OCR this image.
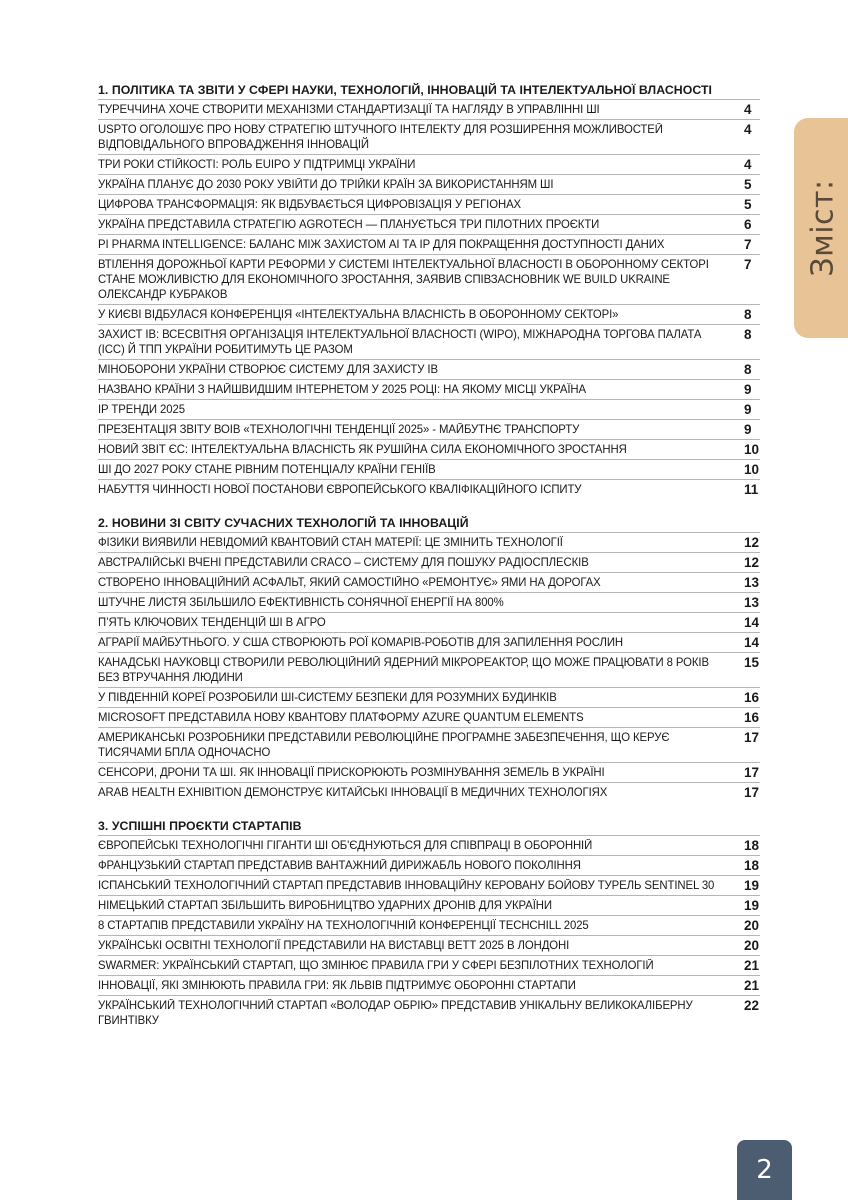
1. ПОЛІТИКА ТА ЗВІТИ У СФЕРІ НАУКИ, ТЕХНОЛОГІЙ, ІННОВАЦІЙ ТА ІНТЕЛЕКТУАЛЬНОЇ ВЛАСНОСТІ
ТУРЕЧЧИНА ХОЧЕ СТВОРИТИ МЕХАНІЗМИ СТАНДАРТИЗАЦІЇ ТА НАГЛЯДУ В УПРАВЛІННІ ШІ	4
USPTO ОГОЛОШУЄ ПРО НОВУ СТРАТЕГІЮ ШТУЧНОГО ІНТЕЛЕКТУ ДЛЯ РОЗШИРЕННЯ МОЖЛИВОСТЕЙ ВІДПОВІДАЛЬНОГО ВПРОВАДЖЕННЯ ІННОВАЦІЙ
4
ТРИ РОКИ СТІЙКОСТІ: РОЛЬ EUIPO У ПІДТРИМЦІ УКРАЇНИ	4
УКРАЇНА ПЛАНУЄ ДО 2030 РОКУ УВІЙТИ ДО ТРІЙКИ КРАЇН ЗА ВИКОРИСТАННЯМ ШІ	5
ЦИФРОВА ТРАНСФОРМАЦІЯ: ЯК ВІДБУВАЄТЬСЯ ЦИФРОВІЗАЦІЯ У РЕГІОНАХ	5
УКРАЇНА ПРЕДСТАВИЛА СТРАТЕГІЮ AGROTECH — ПЛАНУЄТЬСЯ ТРИ ПІЛОТНИХ ПРОЄКТИ	6
PI PHARMA INTELLIGENCE: БАЛАНС МІЖ ЗАХИСТОМ AI ТА IP ДЛЯ ПОКРАЩЕННЯ ДОСТУПНОСТІ ДАНИХ	7
ВТІЛЕННЯ ДОРОЖНЬОЇ КАРТИ РЕФОРМИ У СИСТЕМІ ІНТЕЛЕКТУАЛЬНОЇ ВЛАСНОСТІ В ОБОРОННОМУ СЕКТОРІ СТАНЕ МОЖЛИВІСТЮ ДЛЯ ЕКОНОМІЧНОГО ЗРОСТАННЯ, ЗАЯВИВ СПІВЗАСНОВНИК WE BUILD UKRAINE ОЛЕКСАНДР КУБРАКОВ
7
У КИЄВІ ВІДБУЛАСЯ КОНФЕРЕНЦІЯ «ІНТЕЛЕКТУАЛЬНА ВЛАСНІСТЬ В ОБОРОННОМУ СЕКТОРІ»	8
ЗАХИСТ ІВ: ВСЕСВІТНЯ ОРГАНІЗАЦІЯ ІНТЕЛЕКТУАЛЬНОЇ ВЛАСНОСТІ (WIPO), МІЖНАРОДНА ТОРГОВА ПАЛАТА (ICC) Й ТПП УКРАЇНИ РОБИТИМУТЬ ЦЕ РАЗОМ
8
МІНОБОРОНИ УКРАЇНИ СТВОРЮЄ СИСТЕМУ ДЛЯ ЗАХИСТУ ІВ	8
НАЗВАНО КРАЇНИ З НАЙШВИДШИМ ІНТЕРНЕТОМ У 2025 РОЦІ: НА ЯКОМУ МІСЦІ УКРАЇНА	9
IP ТРЕНДИ 2025	9
ПРЕЗЕНТАЦІЯ ЗВІТУ ВОІВ «ТЕХНОЛОГІЧНІ ТЕНДЕНЦІЇ 2025» - МАЙБУТНЄ ТРАНСПОРТУ	9
НОВИЙ ЗВІТ ЄС: ІНТЕЛЕКТУАЛЬНА ВЛАСНІСТЬ ЯК РУШІЙНА СИЛА ЕКОНОМІЧНОГО ЗРОСТАННЯ	10
ШІ ДО 2027 РОКУ СТАНЕ РІВНИМ ПОТЕНЦІАЛУ КРАЇНИ ГЕНІЇВ	10
НАБУТТЯ ЧИННОСТІ НОВОЇ ПОСТАНОВИ ЄВРОПЕЙСЬКОГО КВАЛІФІКАЦІЙНОГО ІСПИТУ	11
2. НОВИНИ ЗІ СВІТУ СУЧАСНИХ ТЕХНОЛОГІЙ ТА ІННОВАЦІЙ
ФІЗИКИ ВИЯВИЛИ НЕВІДОМИЙ КВАНТОВИЙ СТАН МАТЕРІЇ: ЦЕ ЗМІНИТЬ ТЕХНОЛОГІЇ	12
АВСТРАЛІЙСЬКІ ВЧЕНІ ПРЕДСТАВИЛИ CRACO – СИСТЕМУ ДЛЯ ПОШУКУ РАДІОСПЛЕСКІВ	12
СТВОРЕНО ІННОВАЦІЙНИЙ АСФАЛЬТ, ЯКИЙ САМОСТІЙНО «РЕМОНТУЄ» ЯМИ НА ДОРОГАХ	13
ШТУЧНЕ ЛИСТЯ ЗБІЛЬШИЛО ЕФЕКТИВНІСТЬ СОНЯЧНОЇ ЕНЕРГІЇ НА 800%	13
П’ЯТЬ КЛЮЧОВИХ ТЕНДЕНЦІЙ ШІ В АГРО	14
АГРАРІЇ МАЙБУТНЬОГО. У США СТВОРЮЮТЬ РОЇ КОМАРІВ-РОБОТІВ ДЛЯ ЗАПИЛЕННЯ РОСЛИН	14
КАНАДСЬКІ НАУКОВЦІ СТВОРИЛИ РЕВОЛЮЦІЙНИЙ ЯДЕРНИЙ МІКРОРЕАКТОР, ЩО МОЖЕ ПРАЦЮВАТИ 8 РОКІВ БЕЗ ВТРУЧАННЯ ЛЮДИНИ
15
У ПІВДЕННІЙ КОРЕЇ РОЗРОБИЛИ ШІ-СИСТЕМУ БЕЗПЕКИ ДЛЯ РОЗУМНИХ БУДИНКІВ	16
MICROSOFT ПРЕДСТАВИЛА НОВУ КВАНТОВУ ПЛАТФОРМУ AZURE QUANTUM ELEMENTS	16
АМЕРИКАНСЬКІ РОЗРОБНИКИ ПРЕДСТАВИЛИ РЕВОЛЮЦІЙНЕ ПРОГРАМНЕ ЗАБЕЗПЕЧЕННЯ, ЩО КЕРУЄ ТИСЯЧАМИ БПЛА ОДНОЧАСНО
17
СЕНСОРИ, ДРОНИ ТА ШІ. ЯК ІННОВАЦІЇ ПРИСКОРЮЮТЬ РОЗМІНУВАННЯ ЗЕМЕЛЬ В УКРАЇНІ	17
ARAB HEALTH EXHIBITION ДЕМОНСТРУЄ КИТАЙСЬКІ ІННОВАЦІЇ В МЕДИЧНИХ ТЕХНОЛОГІЯХ	17
3. УСПІШНІ ПРОЄКТИ СТАРТАПІВ
ЄВРОПЕЙСЬКІ ТЕХНОЛОГІЧНІ ГІГАНТИ ШІ ОБ'ЄДНУЮТЬСЯ ДЛЯ СПІВПРАЦІ В ОБОРОННІЙ	18
ФРАНЦУЗЬКИЙ СТАРТАП ПРЕДСТАВИВ ВАНТАЖНИЙ ДИРИЖАБЛЬ НОВОГО ПОКОЛІННЯ	18
ІСПАНСЬКИЙ ТЕХНОЛОГІЧНИЙ СТАРТАП ПРЕДСТАВИВ ІННОВАЦІЙНУ КЕРОВАНУ БОЙОВУ ТУРЕЛЬ SENTINEL 30 19
НІМЕЦЬКИЙ СТАРТАП ЗБІЛЬШИТЬ ВИРОБНИЦТВО УДАРНИХ ДРОНІВ ДЛЯ УКРАЇНИ	19
8 СТАРТАПІВ ПРЕДСТАВИЛИ УКРАЇНУ НА ТЕХНОЛОГІЧНІЙ КОНФЕРЕНЦІЇ TECHCHILL 2025	20
УКРАЇНСЬКІ ОСВІТНІ ТЕХНОЛОГІЇ ПРЕДСТАВИЛИ НА ВИСТАВЦІ BETT 2025 В ЛОНДОНІ	20
SWARMER: УКРАЇНСЬКИЙ СТАРТАП, ЩО ЗМІНЮЄ ПРАВИЛА ГРИ У СФЕРІ БЕЗПІЛОТНИХ ТЕХНОЛОГІЙ	21
ІННОВАЦІЇ, ЯКІ ЗМІНЮЮТЬ ПРАВИЛА ГРИ: ЯК ЛЬВІВ ПІДТРИМУЄ ОБОРОННІ СТАРТАПИ	21
УКРАЇНСЬКИЙ ТЕХНОЛОГІЧНИЙ СТАРТАП «ВОЛОДАР ОБРІЮ» ПРЕДСТАВИВ УНІКАЛЬНУ ВЕЛИКОКАЛІБЕРНУ ГВИНТІВКУ
22
Зміст:
2
